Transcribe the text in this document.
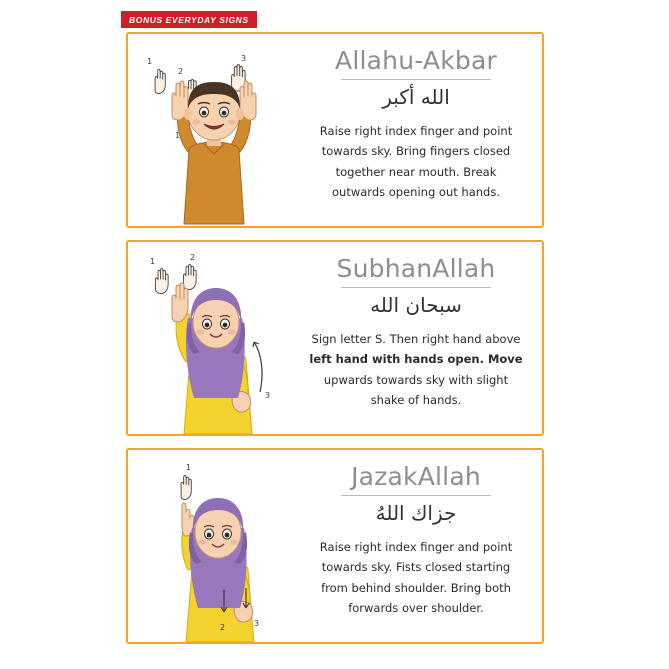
BONUS EVERYDAY SIGNS
1
2
3
1
Allahu-Akbar
الله أكبر
Raise right index finger and point towards sky. Bring fingers closed together near mouth. Break outwards opening out hands.
1	2
3
SubhanAllah
سبحان الله
Sign letter S. Then right hand above left hand with hands open. Move upwards towards sky with slight shake of hands.
1
2	3
JazakAllah
جزاك اللهُ
Raise right index finger and point towards sky. Fists closed starting from behind shoulder. Bring both forwards over shoulder.
